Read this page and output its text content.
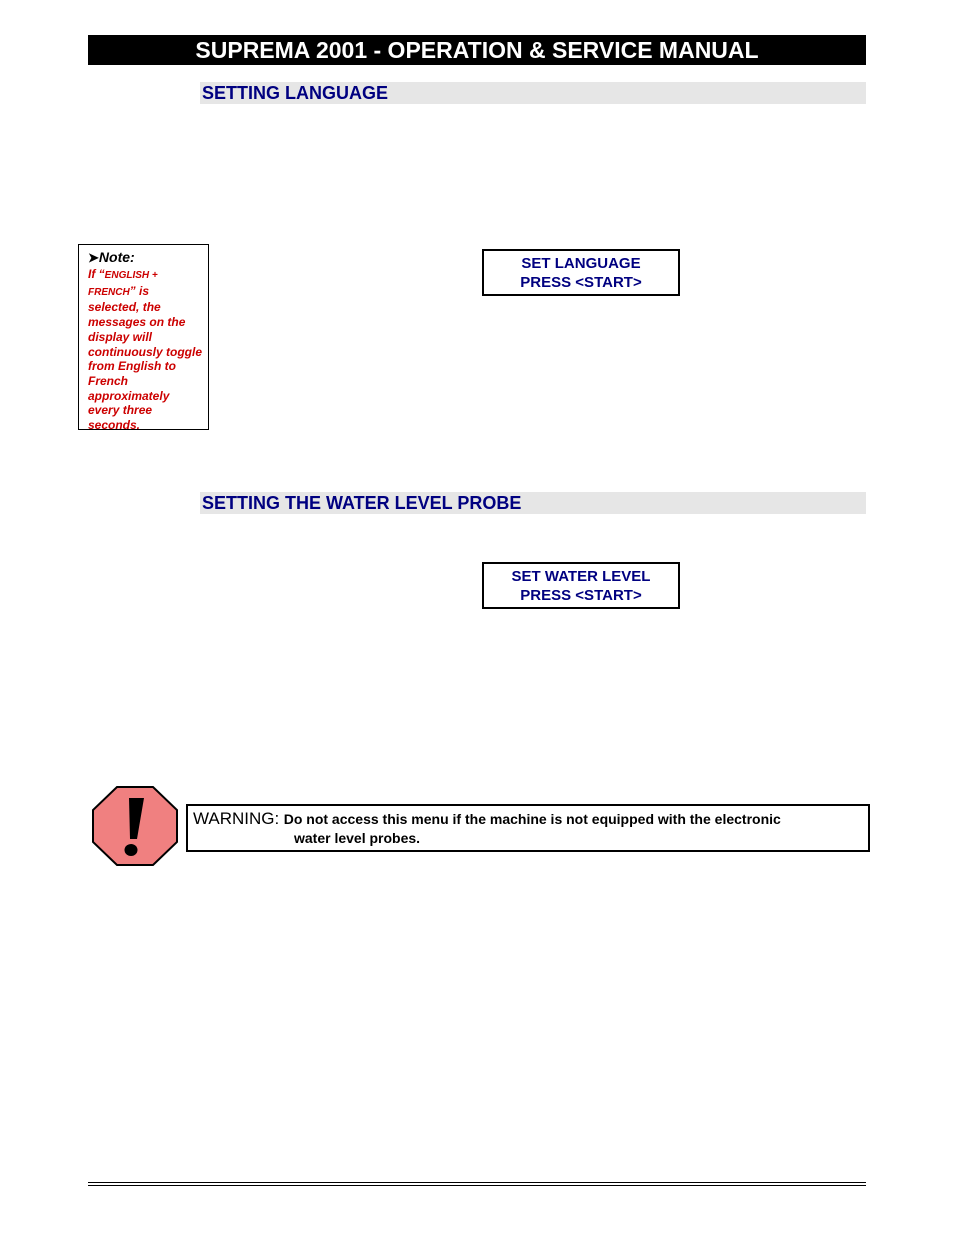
SUPREMA 2001 - OPERATION & SERVICE MANUAL
SETTING LANGUAGE
➤Note:
If “ENGLISH +
FRENCH” is selected, the messages on the display will continuously toggle from English to French approximately every three seconds.
SET LANGUAGE
PRESS <START>
SETTING THE WATER LEVEL PROBE
SET WATER LEVEL
PRESS <START>
WARNING: Do not access this menu if the machine is not equipped with the electronic
water level probes.
